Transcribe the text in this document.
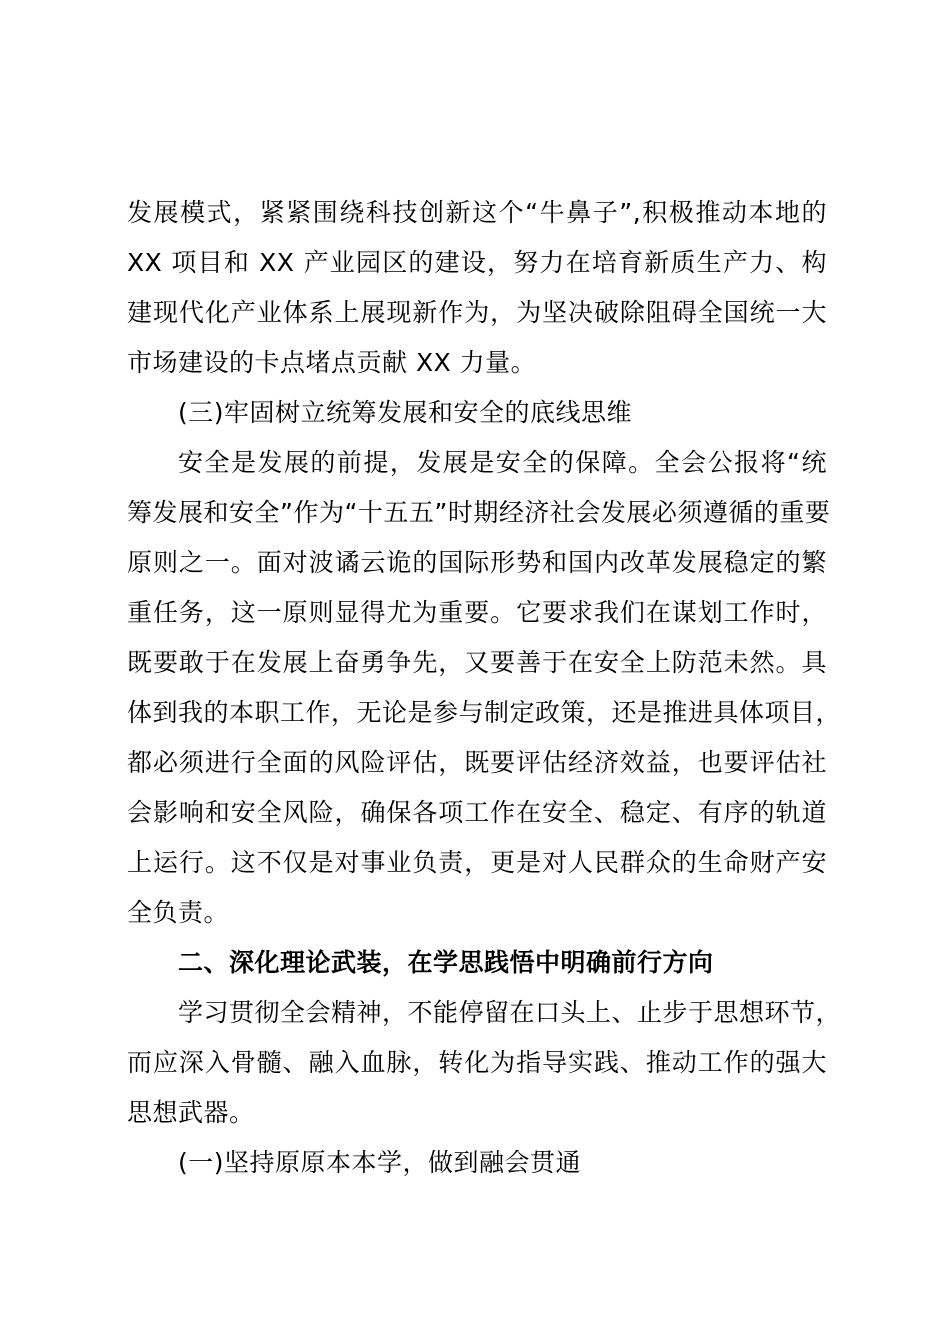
发展模式，紧紧围绕科技创新这个“牛鼻子”,积极推动本地的
XX 项目和 XX 产业园区的建设，努力在培育新质生产力、构
建现代化产业体系上展现新作为，为坚决破除阻碍全国统一大
市场建设的卡点堵点贡献 XX 力量。
(三)牢固树立统筹发展和安全的底线思维
安全是发展的前提，发展是安全的保障。全会公报将“统
筹发展和安全”作为“十五五”时期经济社会发展必须遵循的重要
原则之一。面对波谲云诡的国际形势和国内改革发展稳定的繁
重任务，这一原则显得尤为重要。它要求我们在谋划工作时，
既要敢于在发展上奋勇争先，又要善于在安全上防范未然。具
体到我的本职工作，无论是参与制定政策，还是推进具体项目，
都必须进行全面的风险评估，既要评估经济效益，也要评估社
会影响和安全风险，确保各项工作在安全、稳定、有序的轨道
上运行。这不仅是对事业负责，更是对人民群众的生命财产安
全负责。
二、深化理论武装，在学思践悟中明确前行方向
学习贯彻全会精神，不能停留在口头上、止步于思想环节，
而应深入骨髓、融入血脉，转化为指导实践、推动工作的强大
思想武器。
(一)坚持原原本本学，做到融会贯通
